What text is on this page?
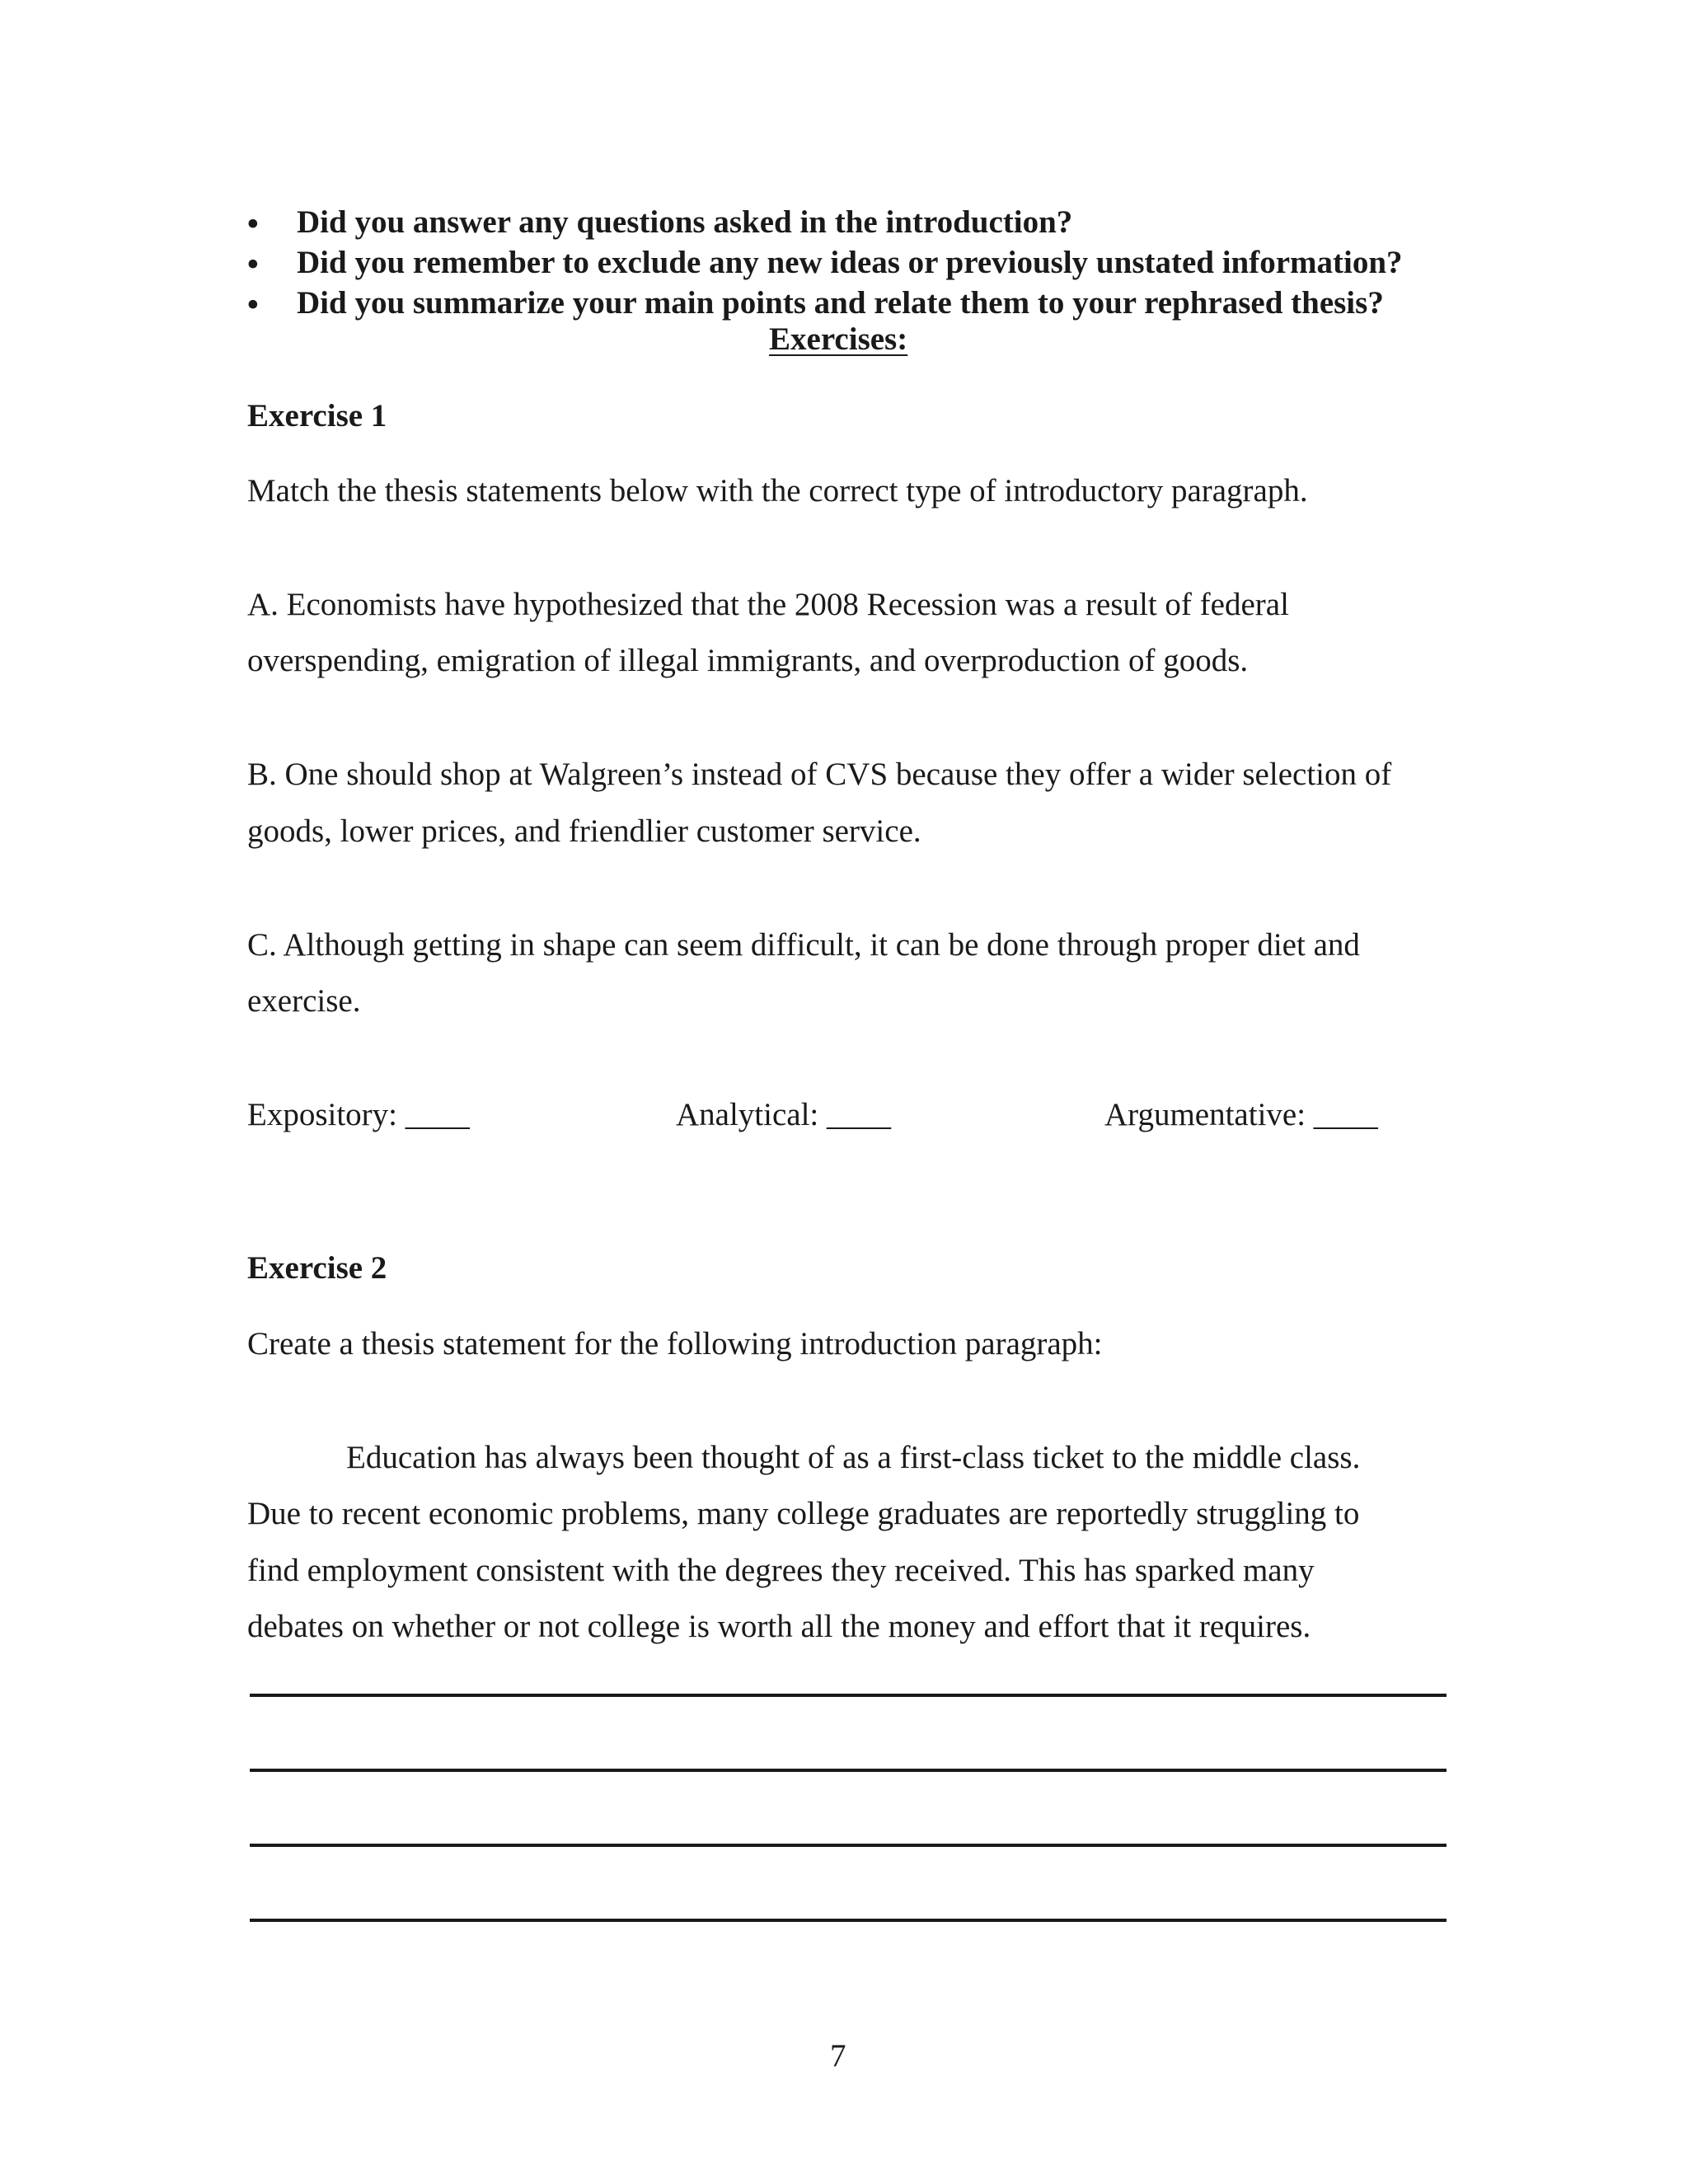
• Did you answer any questions asked in the introduction?
• Did you remember to exclude any new ideas or previously unstated information?
• Did you summarize your main points and relate them to your rephrased thesis?
Exercises:
Exercise 1
Match the thesis statements below with the correct type of introductory paragraph.
A. Economists have hypothesized that the 2008 Recession was a result of federal
overspending, emigration of illegal immigrants, and overproduction of goods.
B. One should shop at Walgreen’s instead of CVS because they offer a wider selection of
goods, lower prices, and friendlier customer service.
C. Although getting in shape can seem difficult, it can be done through proper diet and
exercise.
Expository: ____	Analytical: ____	Argumentative: ____
Exercise 2
Create a thesis statement for the following introduction paragraph:
Education has always been thought of as a first-class ticket to the middle class.
Due to recent economic problems, many college graduates are reportedly struggling to
find employment consistent with the degrees they received. This has sparked many
debates on whether or not college is worth all the money and effort that it requires.
7
